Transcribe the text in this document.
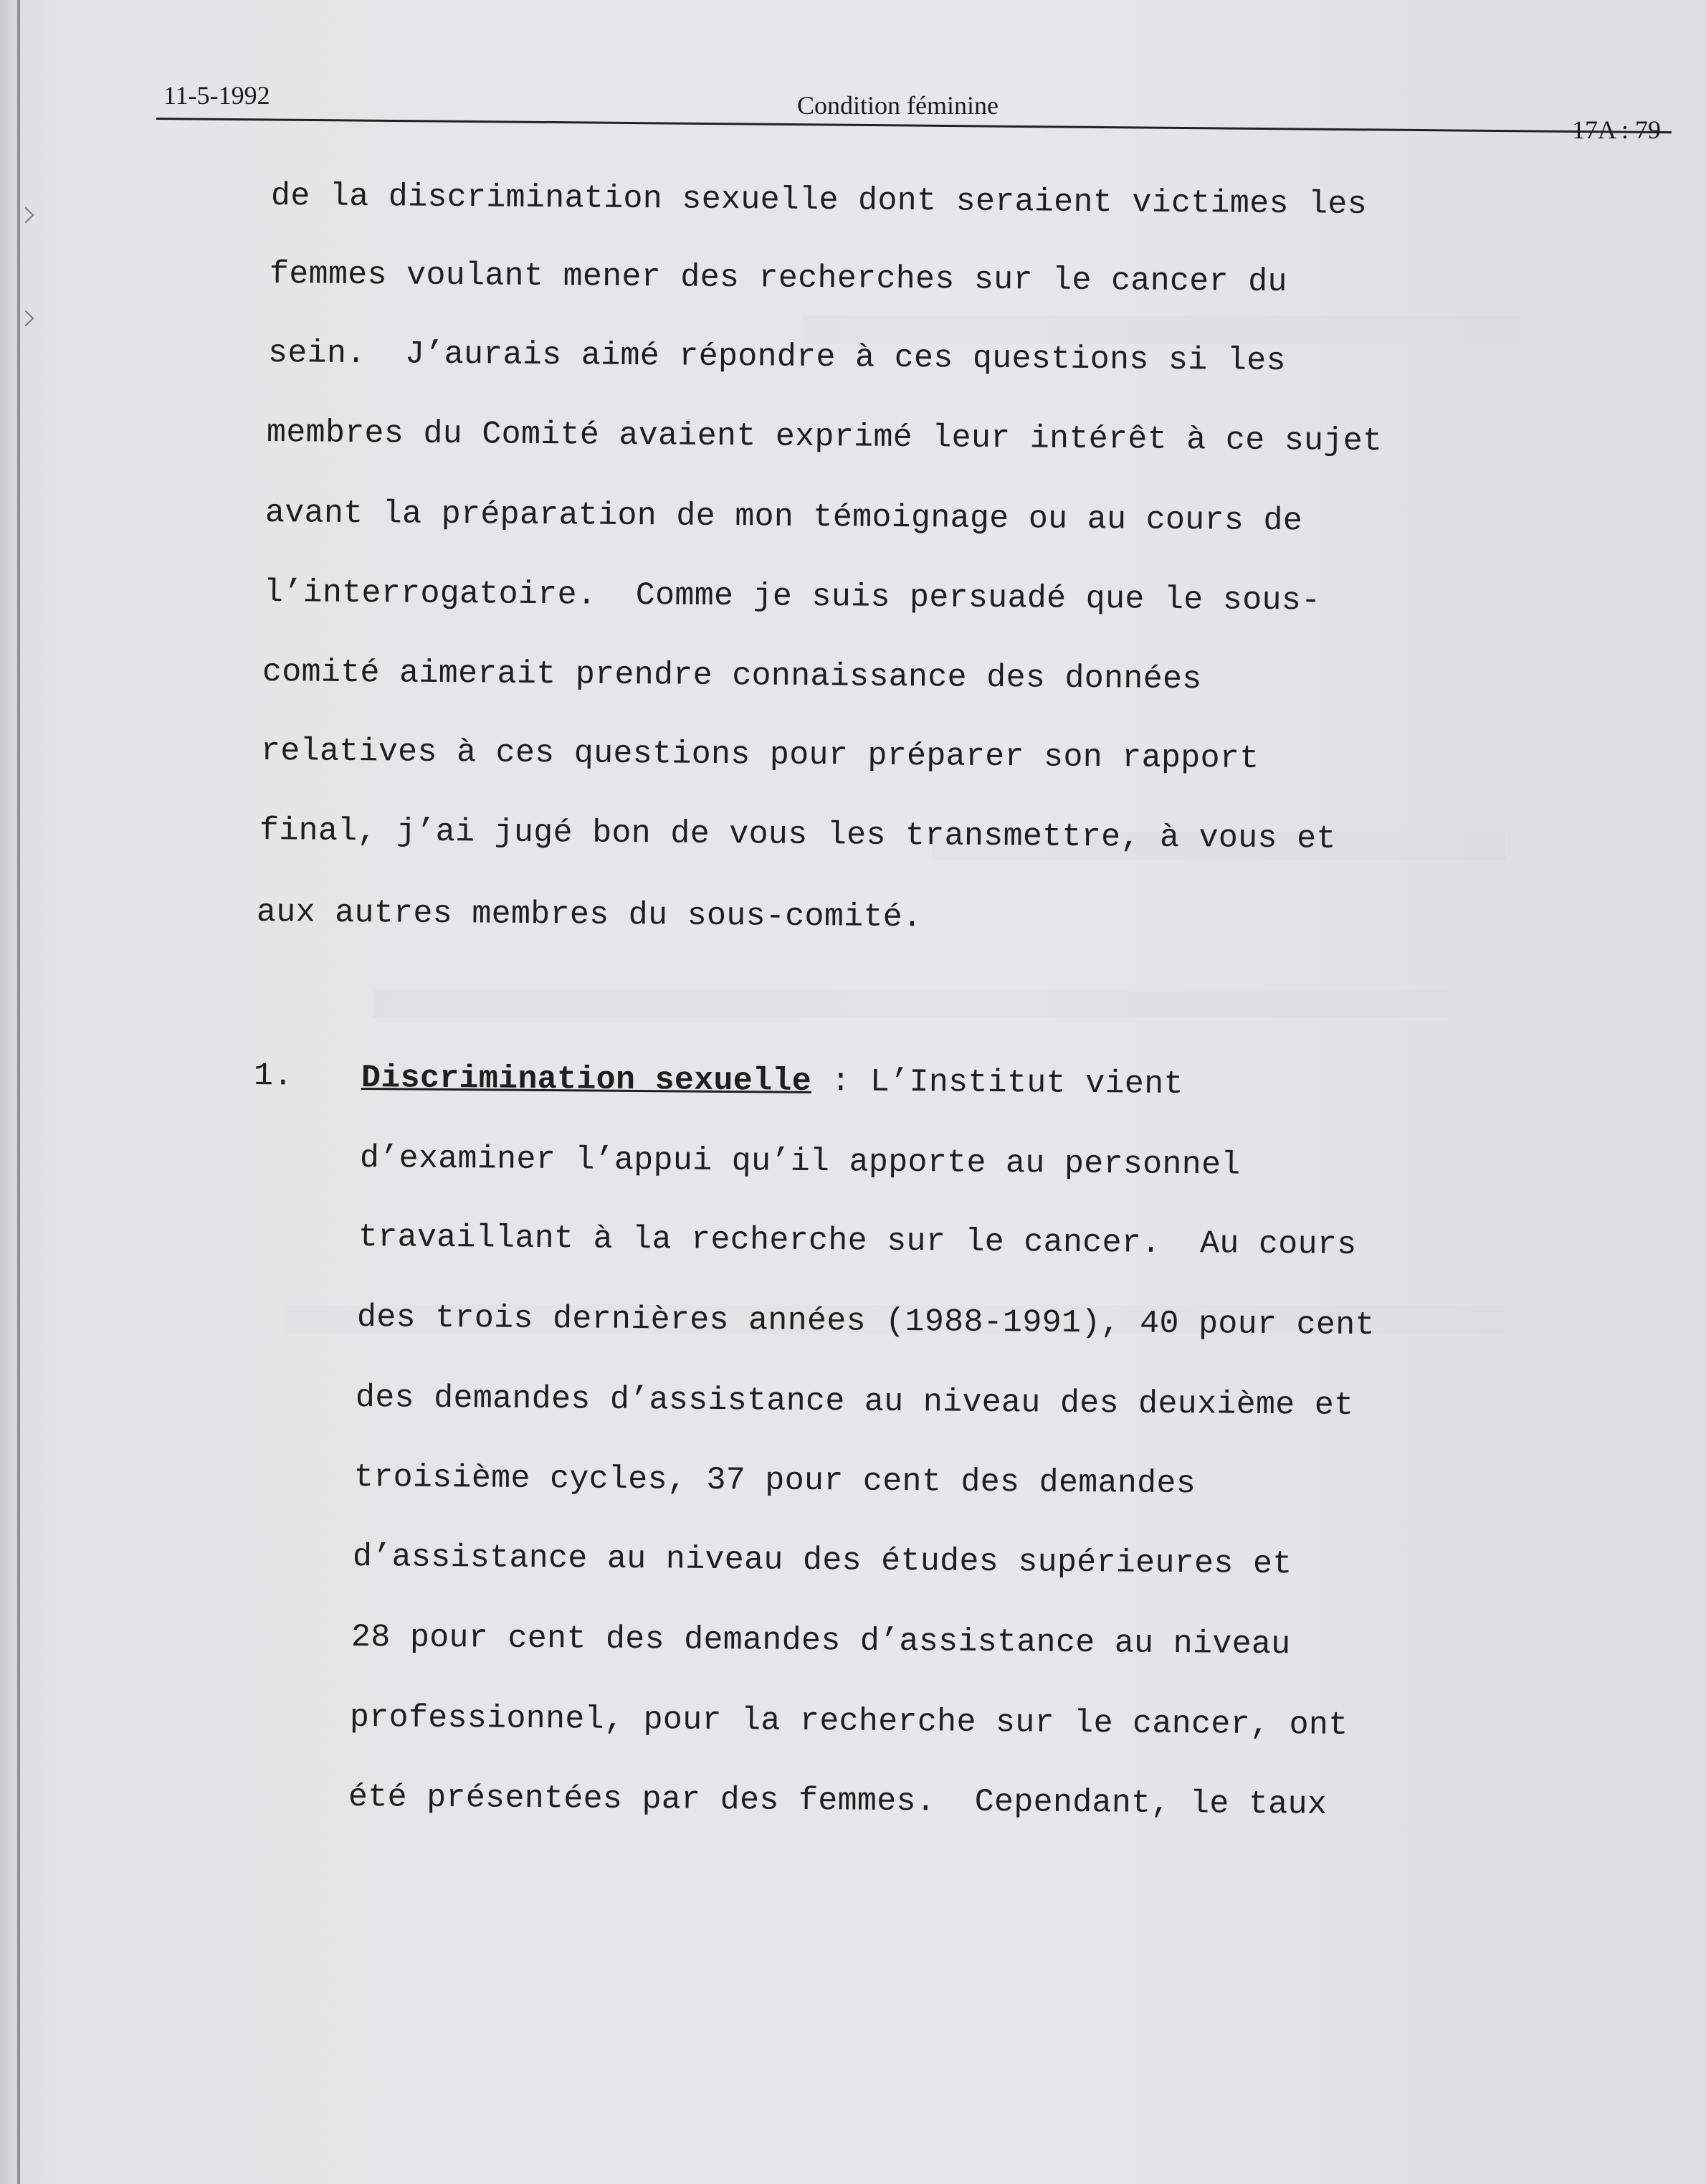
11-5-1992	Condition féminine
17A : 79
de la discrimination sexuelle dont seraient victimes les
femmes voulant mener des recherches sur le cancer du
sein.  J’aurais aimé répondre à ces questions si les
membres du Comité avaient exprimé leur intérêt à ce sujet
avant la préparation de mon témoignage ou au cours de
l’interrogatoire.  Comme je suis persuadé que le sous-
comité aimerait prendre connaissance des données
relatives à ces questions pour préparer son rapport
final, j’ai jugé bon de vous les transmettre, à vous et
aux autres membres du sous-comité.
1. Discrimination sexuelle : L’Institut vient
d’examiner l’appui qu’il apporte au personnel
travaillant à la recherche sur le cancer.  Au cours
des trois dernières années (1988-1991), 40 pour cent
des demandes d’assistance au niveau des deuxième et
troisième cycles, 37 pour cent des demandes
d’assistance au niveau des études supérieures et
28 pour cent des demandes d’assistance au niveau
professionnel, pour la recherche sur le cancer, ont
été présentées par des femmes.  Cependant, le taux
